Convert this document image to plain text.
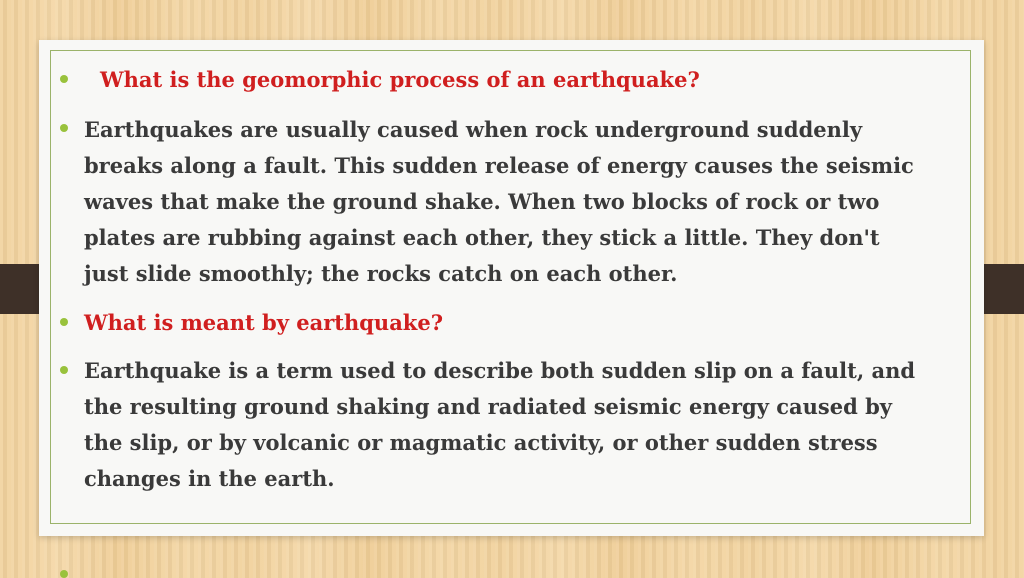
What is the geomorphic process of an earthquake?

Earthquakes are usually caused when rock underground suddenly
breaks along a fault. This sudden release of energy causes the seismic
waves that make the ground shake. When two blocks of rock or two
plates are rubbing against each other, they stick a little. They don't
just slide smoothly; the rocks catch on each other.

What is meant by earthquake?

Earthquake is a term used to describe both sudden slip on a fault, and
the resulting ground shaking and radiated seismic energy caused by
the slip, or by volcanic or magmatic activity, or other sudden stress
changes in the earth.
